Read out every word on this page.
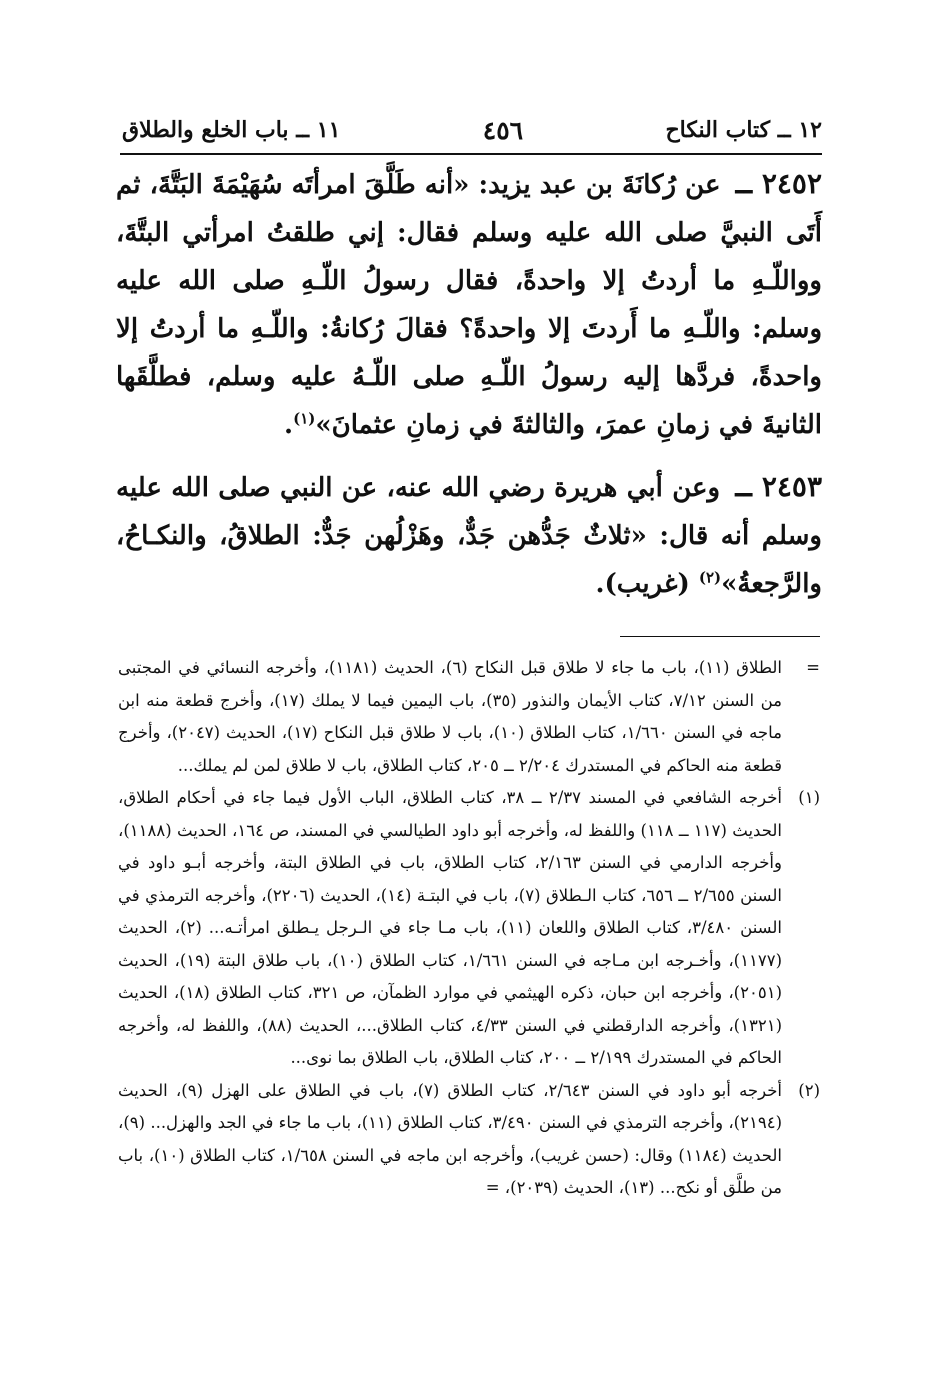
١٢ ــ كتاب النكاح
٤٥٦
١١ ــ باب الخلع والطلاق

٢٤٥٢ ــ عن رُكانَةَ بن عبد يزيد: «أنه طَلَّقَ امرأتَه سُهَيْمَةَ البَتَّةَ، ثم أَتَى النبيَّ صلى الله عليه وسلم فقال: إني طلقتُ امرأتي البتَّةَ، وواللّـهِ ما أردتُ إلا واحدةً، فقال رسولُ اللّـهِ صلى الله عليه وسلم: واللّـهِ ما أَردتَ إلا واحدةً؟ فقالَ رُكانةُ: واللّـهِ ما أردتُ إلا واحدةً، فردَّها إليه رسولُ اللّـهِ صلى اللّـهُ عليه وسلم، فطلَّقَها الثانيةَ في زمانِ عمرَ، والثالثةَ في زمانِ عثمانَ»$^{(١)}$.

٢٤٥٣ ــ وعن أبي هريرة رضي الله عنه، عن النبي صلى الله عليه وسلم أنه قال: «ثلاثٌ جَدُّهن جَدٌّ، وهَزْلُهن جَدٌّ: الطلاقُ، والنكـاحُ، والرَّجعةُ»$^{(٢)}$ (غريب).

=
الطلاق (١١)، باب ما جاء لا طلاق قبل النكاح (٦)، الحديث (١١٨١)، وأخرجه النسائي في المجتبى من السنن ٧/١٢، كتاب الأيمان والنذور (٣٥)، باب اليمين فيما لا يملك (١٧)، وأخرج قطعة منه ابن ماجه في السنن ١/٦٦٠، كتاب الطلاق (١٠)، باب لا طلاق قبل النكاح (١٧)، الحديث (٢٠٤٧)، وأخرج قطعة منه الحاكم في المستدرك ٢/٢٠٤ ــ ٢٠٥، كتاب الطلاق، باب لا طلاق لمن لم يملك...
(١)
أخرجه الشافعي في المسند ٢/٣٧ ــ ٣٨، كتاب الطلاق، الباب الأول فيما جاء في أحكام الطلاق، الحديث (١١٧ ــ ١١٨) واللفظ له، وأخرجه أبو داود الطيالسي في المسند، ص ١٦٤، الحديث (١١٨٨)، وأخرجه الدارمي في السنن ٢/١٦٣، كتاب الطلاق، باب في الطلاق البتة، وأخرجه أبـو داود في السنن ٢/٦٥٥ ــ ٦٥٦، كتاب الـطلاق (٧)، باب في البتـة (١٤)، الحديث (٢٢٠٦)، وأخرجه الترمذي في السنن ٣/٤٨٠، كتاب الطلاق واللعان (١١)، باب مـا جاء في الـرجل يـطلق امرأتـه... (٢)، الحديث (١١٧٧)، وأخـرجه ابن مـاجه في السنن ١/٦٦١، كتاب الطلاق (١٠)، باب طلاق البتة (١٩)، الحديث (٢٠٥١)، وأخرجه ابن حبان، ذكره الهيثمي في موارد الظمآن، ص ٣٢١، كتاب الطلاق (١٨)، الحديث (١٣٢١)، وأخرجه الدارقطني في السنن ٤/٣٣، كتاب الطلاق...، الحديث (٨٨)، واللفظ له، وأخرجه الحاكم في المستدرك ٢/١٩٩ ــ ٢٠٠، كتاب الطلاق، باب الطلاق بما نوى...
(٢)
أخرجه أبو داود في السنن ٢/٦٤٣، كتاب الطلاق (٧)، باب في الطلاق على الهزل (٩)، الحديث (٢١٩٤)، وأخرجه الترمذي في السنن ٣/٤٩٠، كتاب الطلاق (١١)، باب ما جاء في الجد والهزل... (٩)، الحديث (١١٨٤) وقال: (حسن غريب)، وأخرجه ابن ماجه في السنن ١/٦٥٨، كتاب الطلاق (١٠)، باب من طلَّق أو نكح... (١٣)، الحديث (٢٠٣٩)، =
